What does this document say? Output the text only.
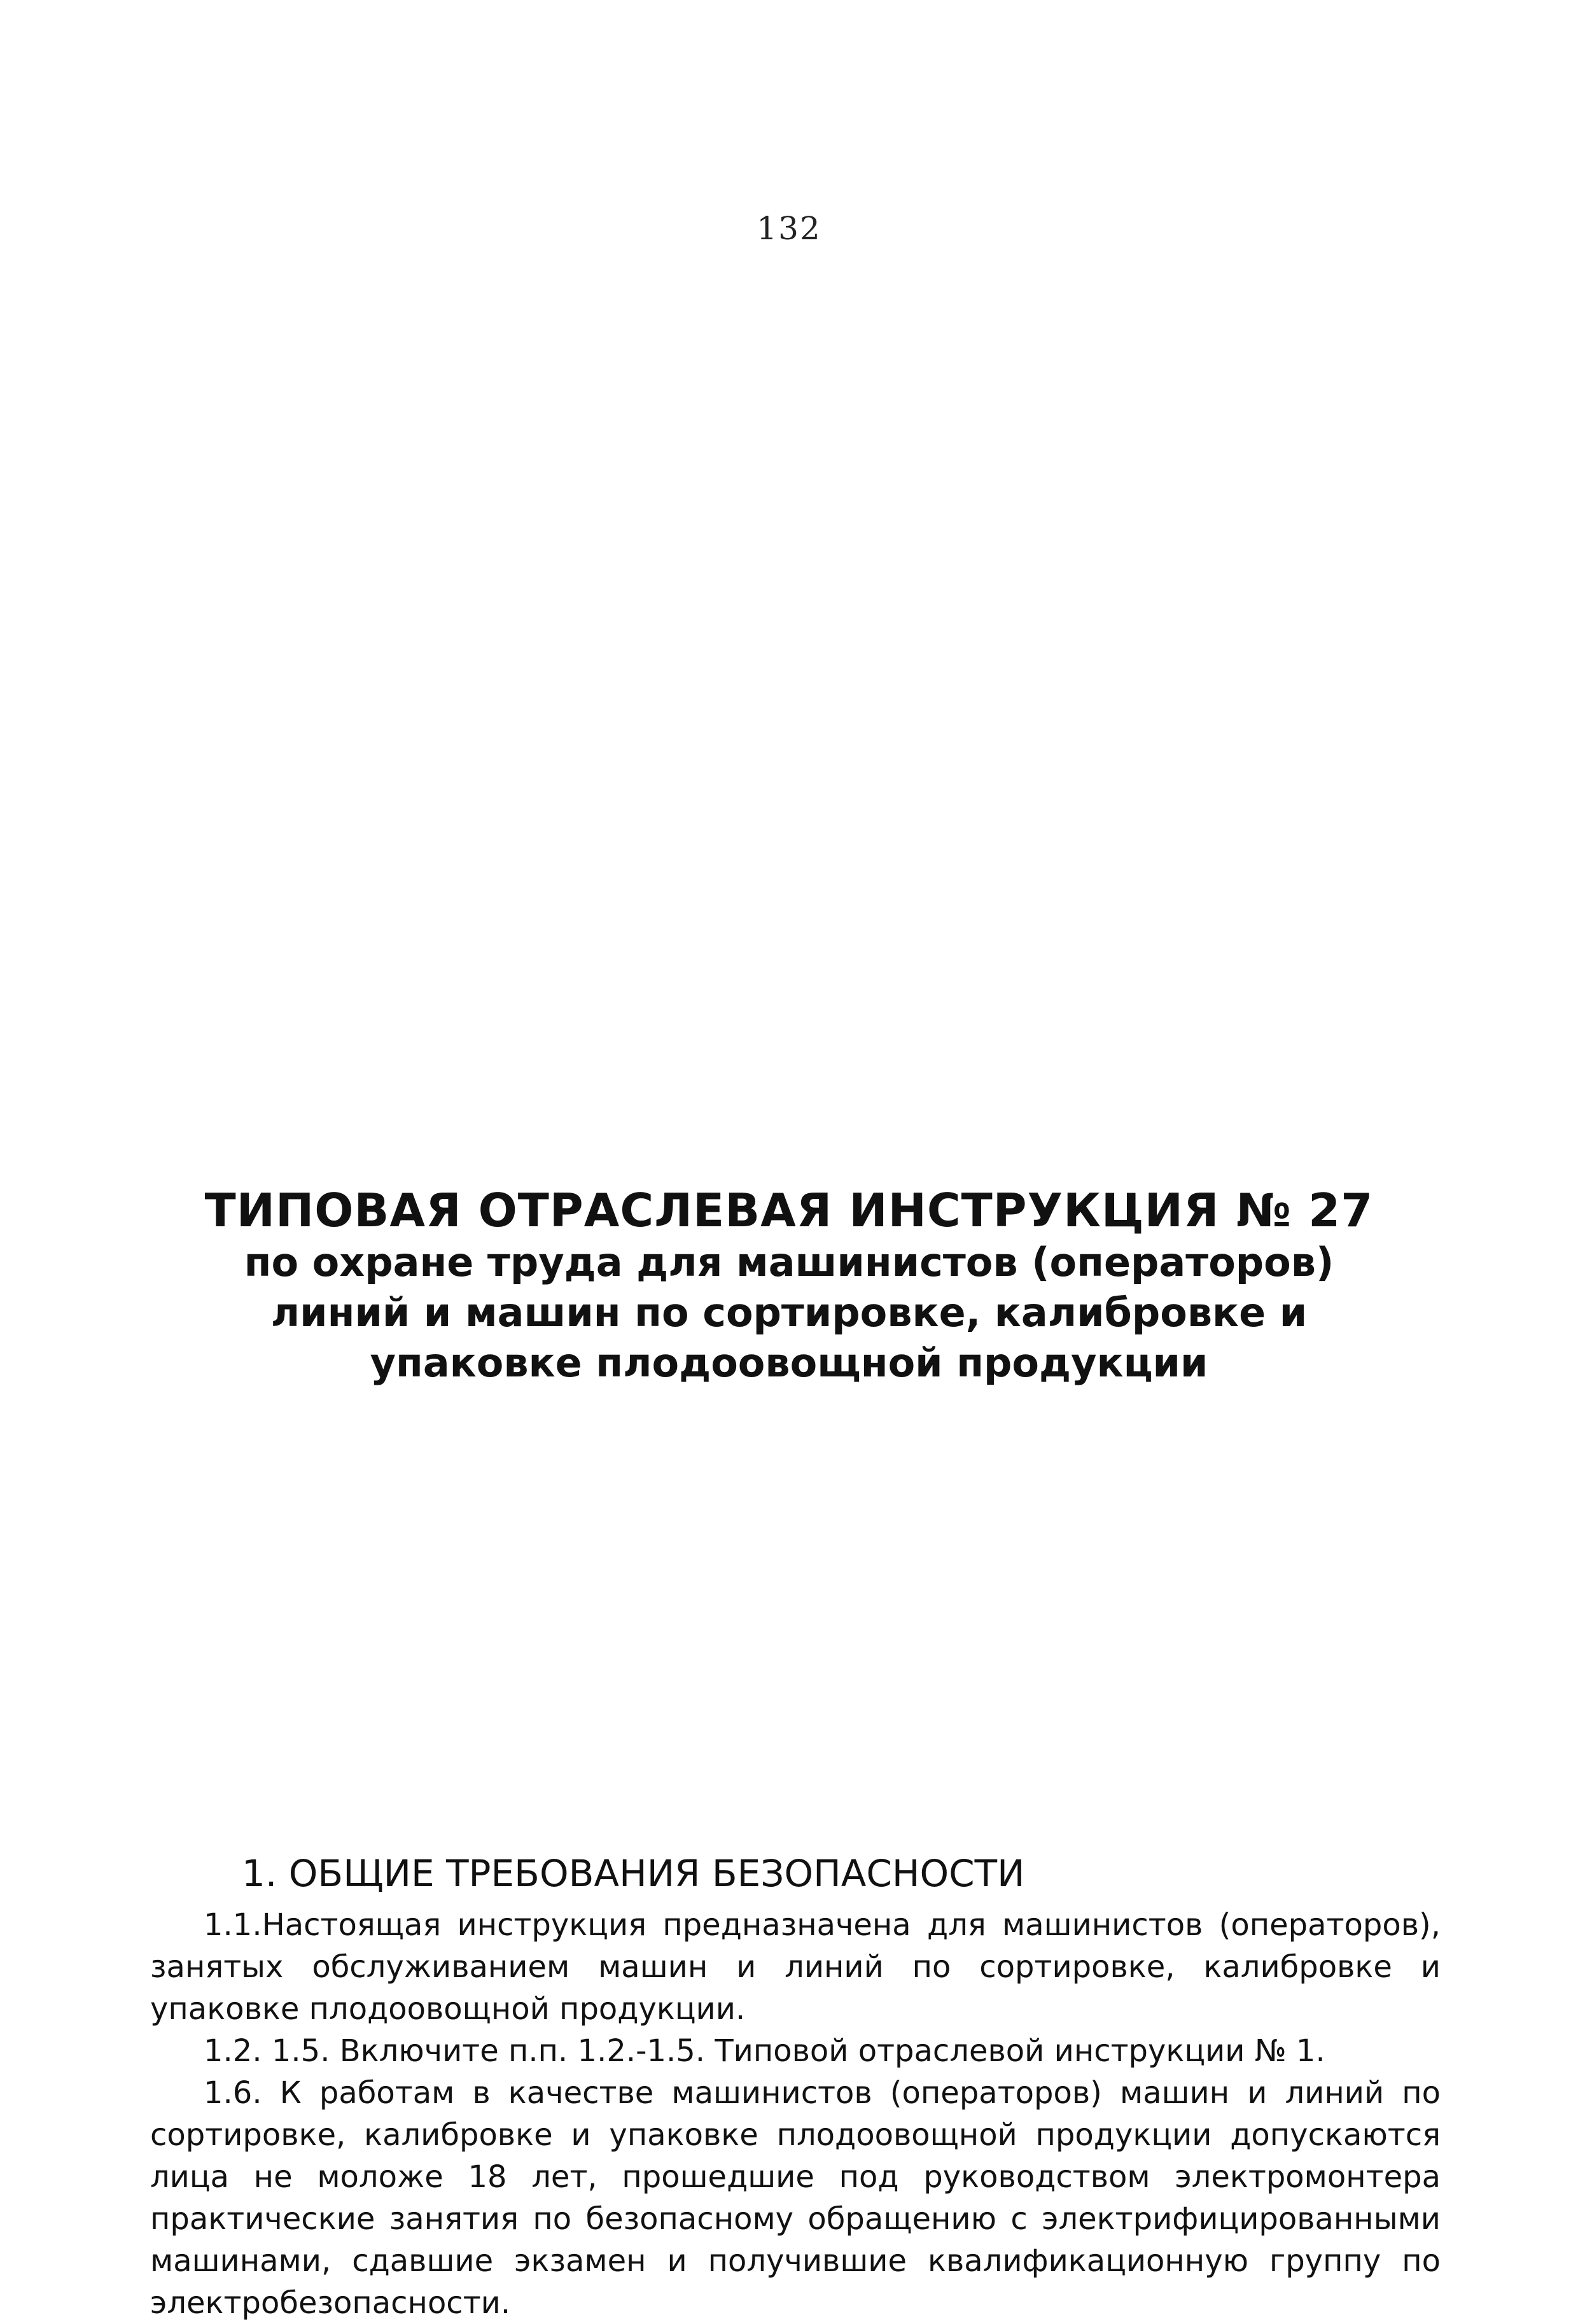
132
ТИПОВАЯ ОТРАСЛЕВАЯ ИНСТРУКЦИЯ № 27
по охране труда для машинистов (операторов) линий и машин по сортировке, калибровке и упаковке плодоовощной продукции
1. ОБЩИЕ ТРЕБОВАНИЯ БЕЗОПАСНОСТИ

1.1.Настоящая инструкция предназначена для машинистов (операторов), занятых обслуживанием машин и линий по сортировке, калибровке и упаковке плодоовощной продукции.

1.2. 1.5. Включите п.п. 1.2.-1.5. Типовой отраслевой инструкции № 1.

1.6. К работам в качестве машинистов (операторов) машин и линий по сортировке, калибровке и упаковке плодоовощной продукции допускаются лица не моложе 18 лет, прошедшие под руководством электромонтера практические занятия по безопасному обращению с электрифицированными машинами, сдавшие экзамен и получившие квалификационную группу по электробезопасности.
